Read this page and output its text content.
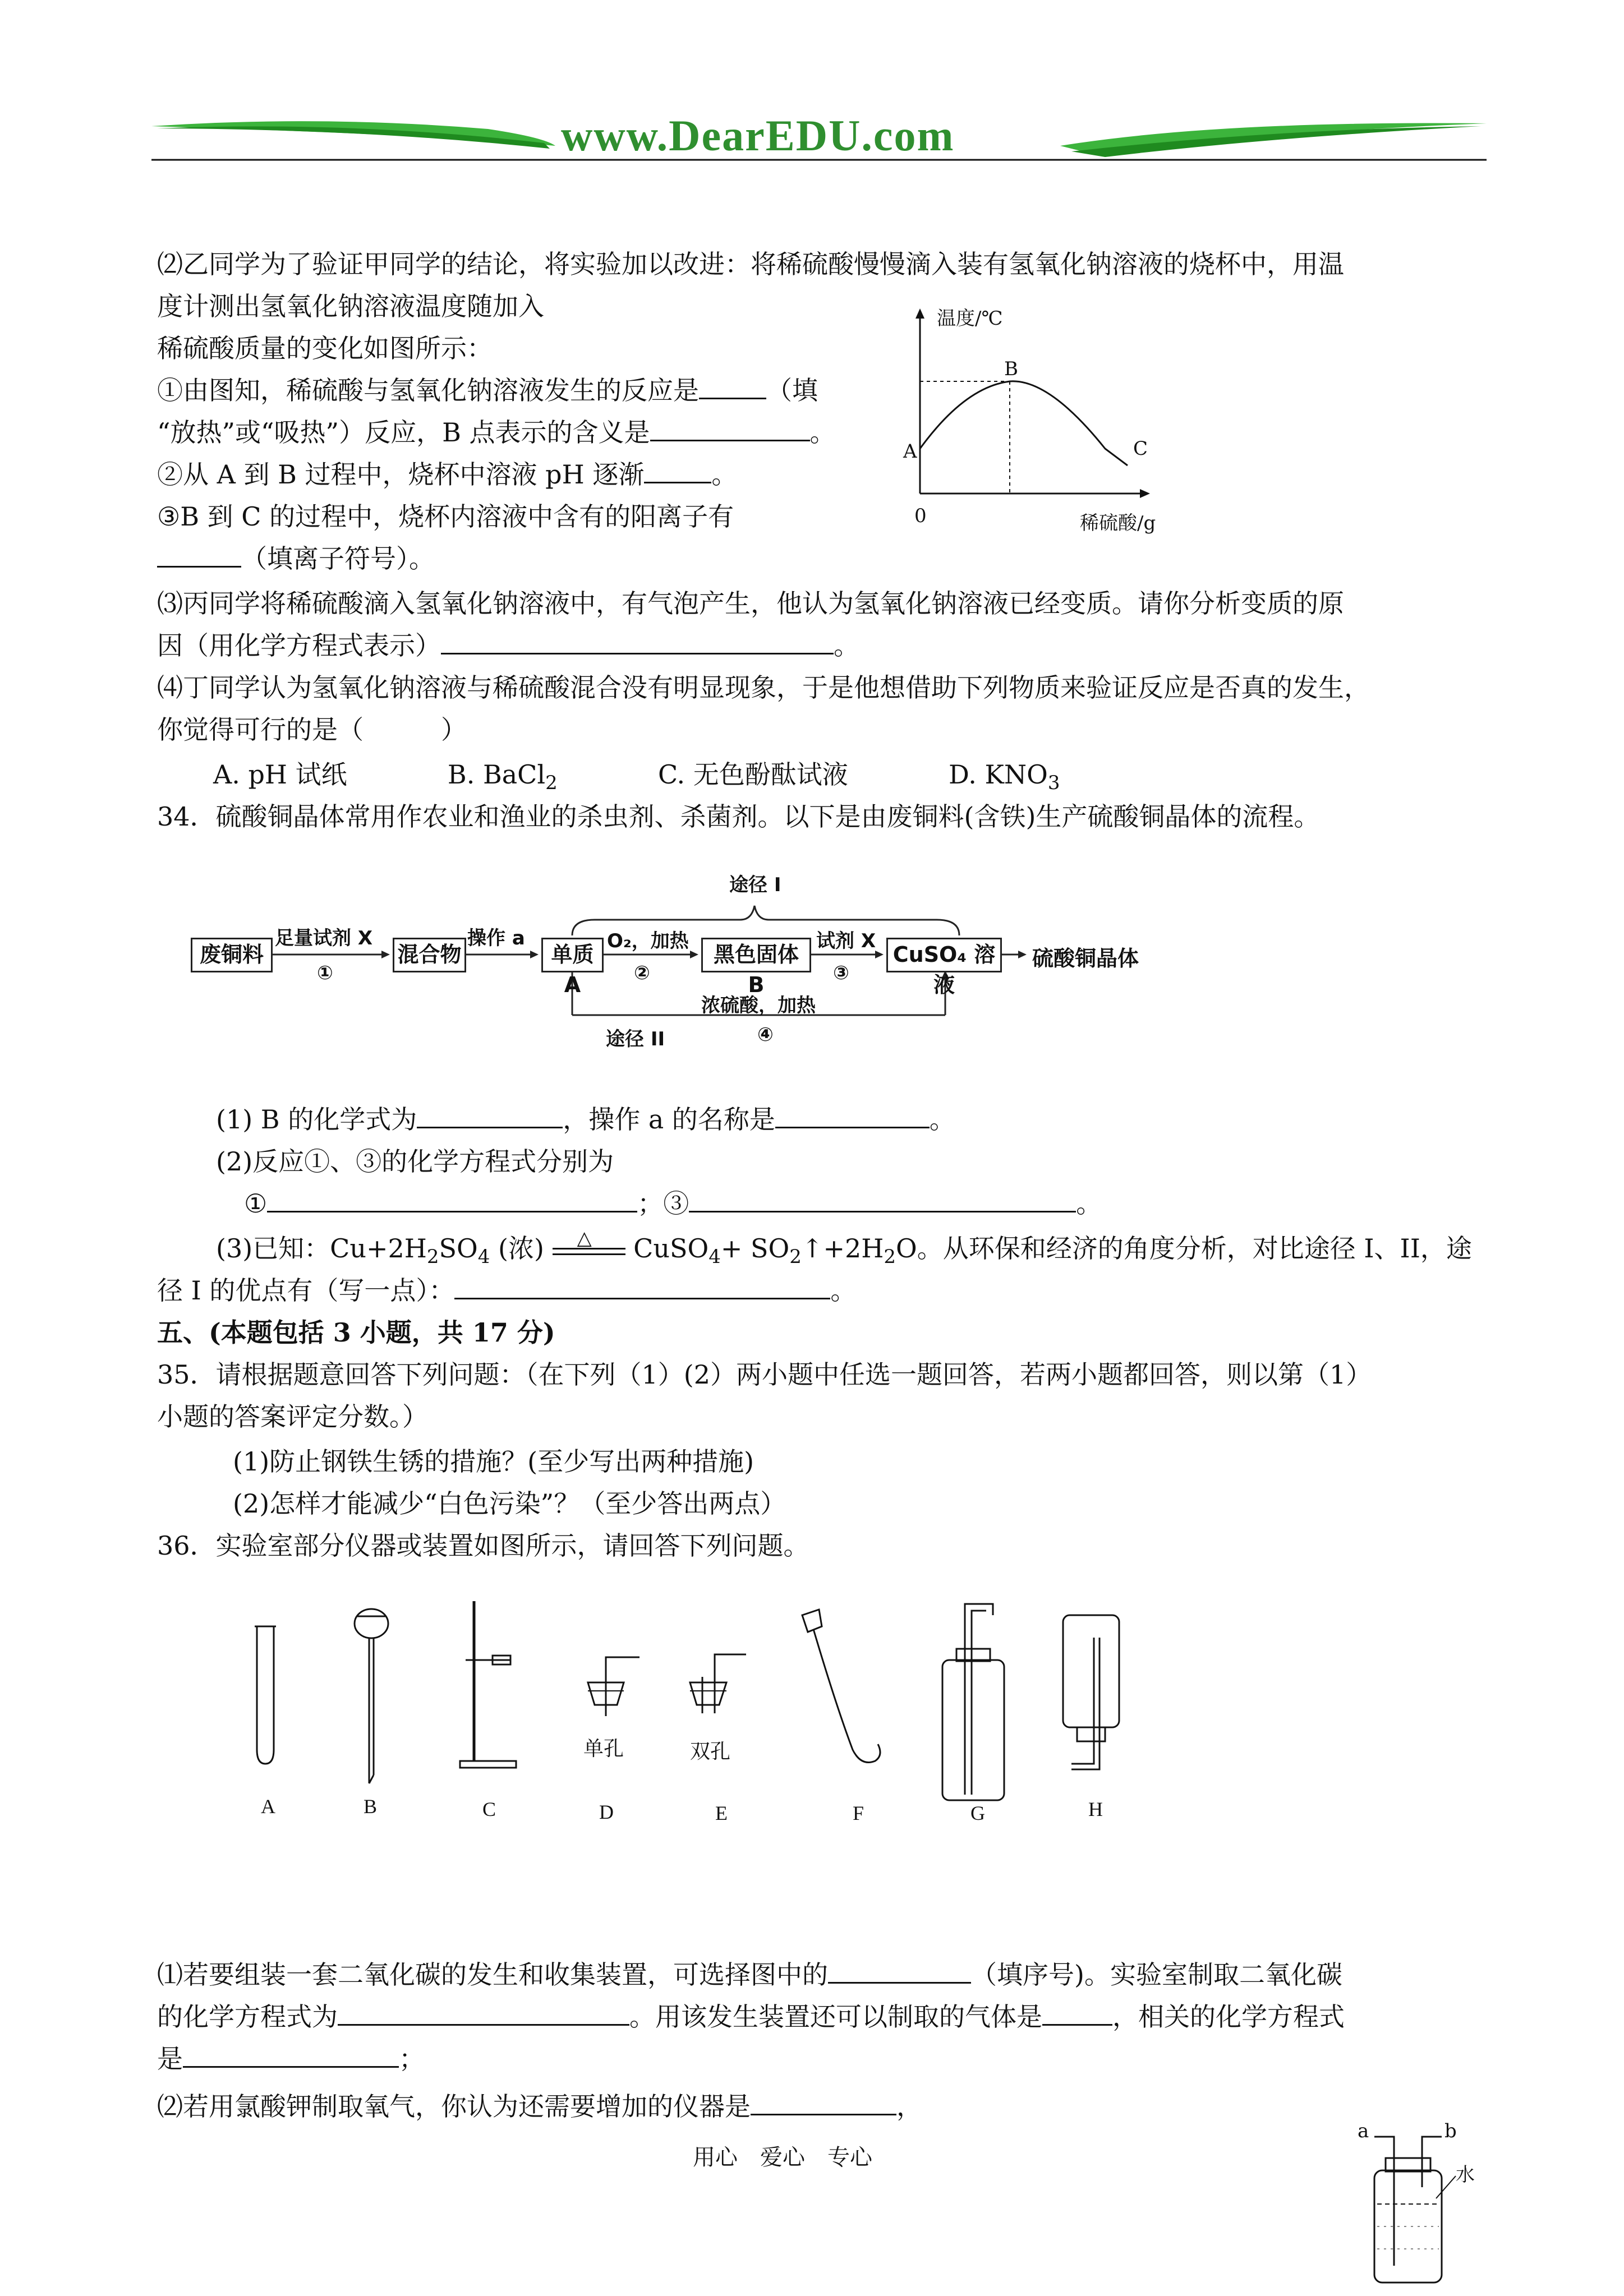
www.DearEDU.com
⑵乙同学为了验证甲同学的结论，将实验加以改进：将稀硫酸慢慢滴入装有氢氧化钠溶液的烧杯中，用温
度计测出氢氧化钠溶液温度随加入
稀硫酸质量的变化如图所示：
①由图知，稀硫酸与氢氧化钠溶液发生的反应是	（填
“放热”或“吸热”）反应，B 点表示的含义是	。
②从 A 到 B 过程中，烧杯中溶液 pH 逐渐	。
③B 到 C 的过程中，烧杯内溶液中含有的阳离子有
（填离子符号）。
温度/℃
稀硫酸/g
0
A
B
C
⑶丙同学将稀硫酸滴入氢氧化钠溶液中，有气泡产生，他认为氢氧化钠溶液已经变质。请你分析变质的原
因（用化学方程式表示）	。
⑷丁同学认为氢氧化钠溶液与稀硫酸混合没有明显现象，于是他想借助下列物质来验证反应是否真的发生，
你觉得可行的是（　　　）
A. pH 试纸	B. BaCl$_2$	C. 无色酚酞试液	D. $KNO_3$
34．硫酸铜晶体常用作农业和渔业的杀虫剂、杀菌剂。以下是由废铜料(含铁)生产硫酸铜晶体的流程。
废铜料	混合物	单质 A
黑色固体 B
CuSO₄ 溶液
硫酸铜晶体
途径 I
途径 II
足量试剂 X
①
操作 a	O₂，加热
②
试剂 X
③
浓硫酸，加热
④
(1) B 的化学式为	，操作 a 的名称是	。
(2)反应①、③的化学方程式分别为
①	；③	。
(3)已知：$Cu+2H_2SO_4$ (浓) △ CuSO$_4$+ $SO_2↑+2H_2O$。从环保和经济的角度分析，对比途径 I、II，途
径 I 的优点有（写一点）：	。
五、(本题包括 3 小题，共 17 分)
35．请根据题意回答下列问题：（在下列（1）(2）两小题中任选一题回答，若两小题都回答，则以第（1）
小题的答案评定分数。）
(1)防止钢铁生锈的措施？(至少写出两种措施)
(2)怎样才能减少“白色污染”？（至少答出两点）
36．实验室部分仪器或装置如图所示，请回答下列问题。
A	B	C	D	E	F	G	H
单孔	双孔
⑴若要组装一套二氧化碳的发生和收集装置，可选择图中的	（填序号)。实验室制取二氧化碳
的化学方程式为	。用该发生装置还可以制取的气体是	，相关的化学方程式
是	；
⑵若用氯酸钾制取氧气，你认为还需要增加的仪器是	，
用心　爱心　专心
a	b
水
